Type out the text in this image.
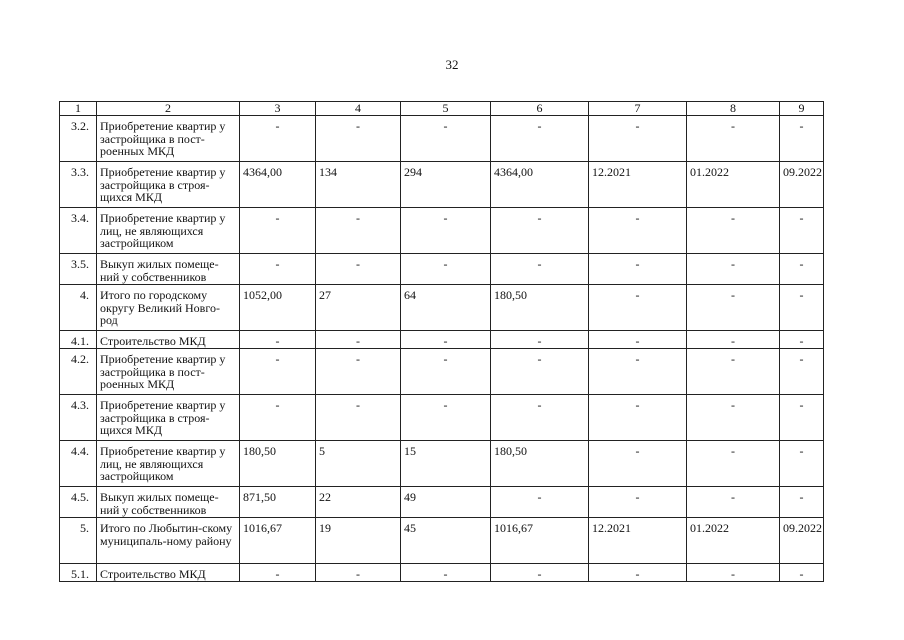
32
1	2	3	4	5	6	7	8	9
3.2.	Приобретение квартир у застройщика в пост-роенных МКД	-	-	-	-	-	-	-
3.3.	Приобретение квартир у застройщика в строя-щихся МКД	4364,00	134	294	4364,00	12.2021	01.2022	09.2022
3.4.	Приобретение квартир у лиц, не являющихся застройщиком	-	-	-	-	-	-	-
3.5.	Выкуп жилых помеще-ний у собственников	-	-	-	-	-	-	-
4.	Итого по городскому округу Великий Новго-род	1052,00	27	64	180,50	-	-	-
4.1.	Строительство МКД	-	-	-	-	-	-	-
4.2.	Приобретение квартир у застройщика в пост-роенных МКД	-	-	-	-	-	-	-
4.3.	Приобретение квартир у застройщика в строя-щихся МКД	-	-	-	-	-	-	-
4.4.	Приобретение квартир у лиц, не являющихся застройщиком	180,50	5	15	180,50	-	-	-
4.5.	Выкуп жилых помеще-ний у собственников	871,50	22	49	-	-	-	-
5.	Итого по Любытин-скому муниципаль-ному району	1016,67	19	45	1016,67	12.2021	01.2022	09.2022
5.1.	Строительство МКД	-	-	-	-	-	-	-
